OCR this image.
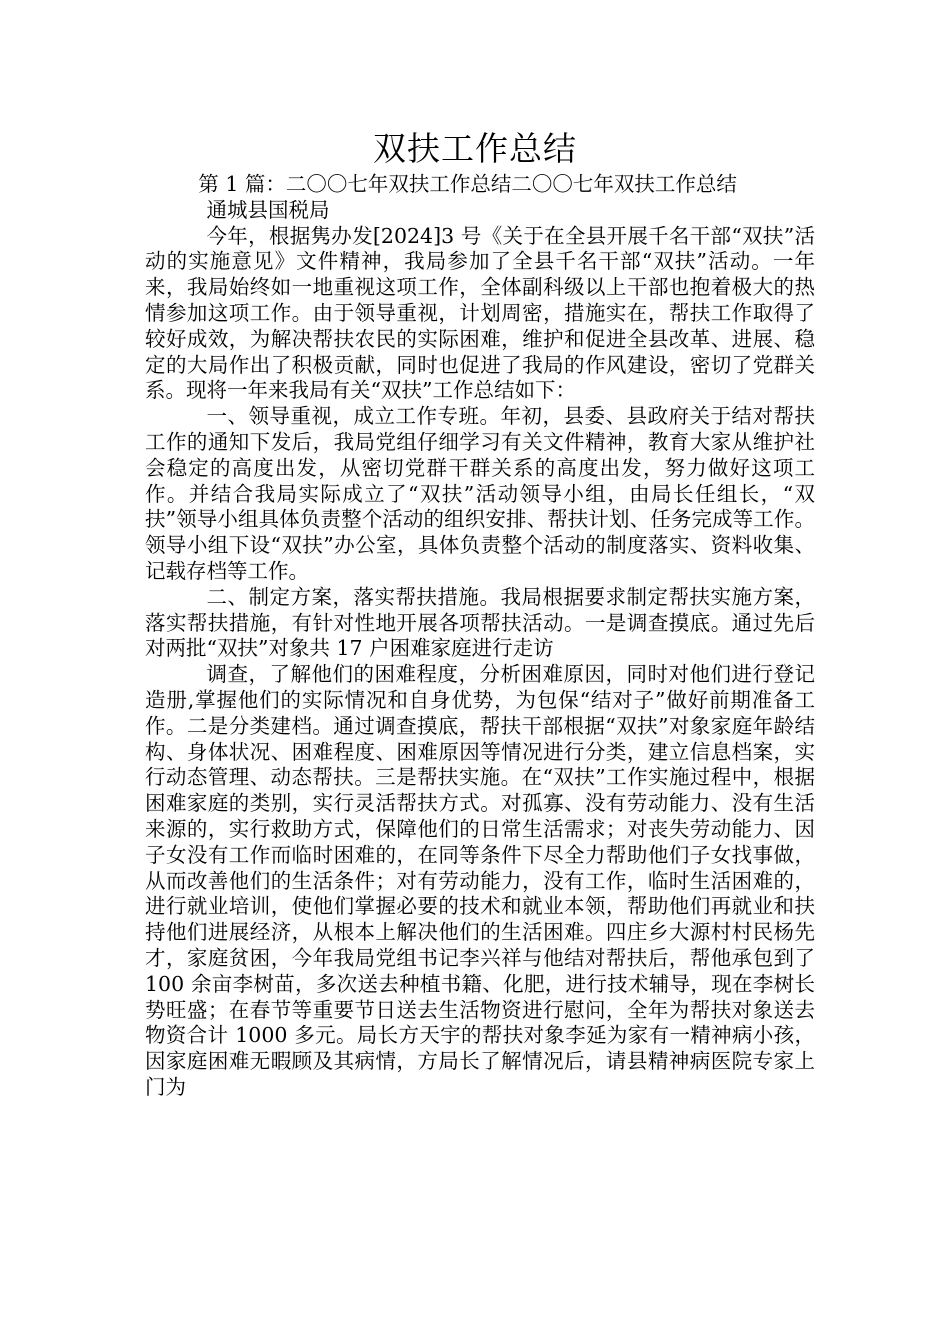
双扶工作总结

第 1 篇：二〇〇七年双扶工作总结二〇〇七年双扶工作总结

通城县国税局

今年，根据隽办发[2024]3 号《关于在全县开展千名干部“双扶”活动的实施意见》文件精神，我局参加了全县千名干部“双扶”活动。一年来，我局始终如一地重视这项工作，全体副科级以上干部也抱着极大的热情参加这项工作。由于领导重视，计划周密，措施实在，帮扶工作取得了较好成效，为解决帮扶农民的实际困难，维护和促进全县改革、进展、稳定的大局作出了积极贡献，同时也促进了我局的作风建设，密切了党群关系。现将一年来我局有关“双扶”工作总结如下：

一、领导重视，成立工作专班。年初，县委、县政府关于结对帮扶工作的通知下发后，我局党组仔细学习有关文件精神，教育大家从维护社会稳定的高度出发，从密切党群干群关系的高度出发，努力做好这项工作。并结合我局实际成立了“双扶”活动领导小组，由局长任组长，“双扶”领导小组具体负责整个活动的组织安排、帮扶计划、任务完成等工作。领导小组下设“双扶”办公室，具体负责整个活动的制度落实、资料收集、记载存档等工作。

二、制定方案，落实帮扶措施。我局根据要求制定帮扶实施方案，落实帮扶措施，有针对性地开展各项帮扶活动。一是调查摸底。通过先后对两批“双扶”对象共 17 户困难家庭进行走访

调查，了解他们的困难程度，分析困难原因，同时对他们进行登记造册,掌握他们的实际情况和自身优势，为包保“结对子”做好前期准备工作。二是分类建档。通过调查摸底，帮扶干部根据“双扶”对象家庭年龄结构、身体状况、困难程度、困难原因等情况进行分类，建立信息档案，实行动态管理、动态帮扶。三是帮扶实施。在“双扶”工作实施过程中，根据困难家庭的类别，实行灵活帮扶方式。对孤寡、没有劳动能力、没有生活来源的，实行救助方式，保障他们的日常生活需求；对丧失劳动能力、因子女没有工作而临时困难的，在同等条件下尽全力帮助他们子女找事做，从而改善他们的生活条件；对有劳动能力，没有工作，临时生活困难的，进行就业培训，使他们掌握必要的技术和就业本领，帮助他们再就业和扶持他们进展经济，从根本上解决他们的生活困难。四庄乡大源村村民杨先才，家庭贫困，今年我局党组书记李兴祥与他结对帮扶后，帮他承包到了 100 余亩李树苗，多次送去种植书籍、化肥，进行技术辅导，现在李树长势旺盛；在春节等重要节日送去生活物资进行慰问，全年为帮扶对象送去物资合计 1000 多元。局长方天宇的帮扶对象李延为家有一精神病小孩，因家庭困难无暇顾及其病情，方局长了解情况后，请县精神病医院专家上门为
